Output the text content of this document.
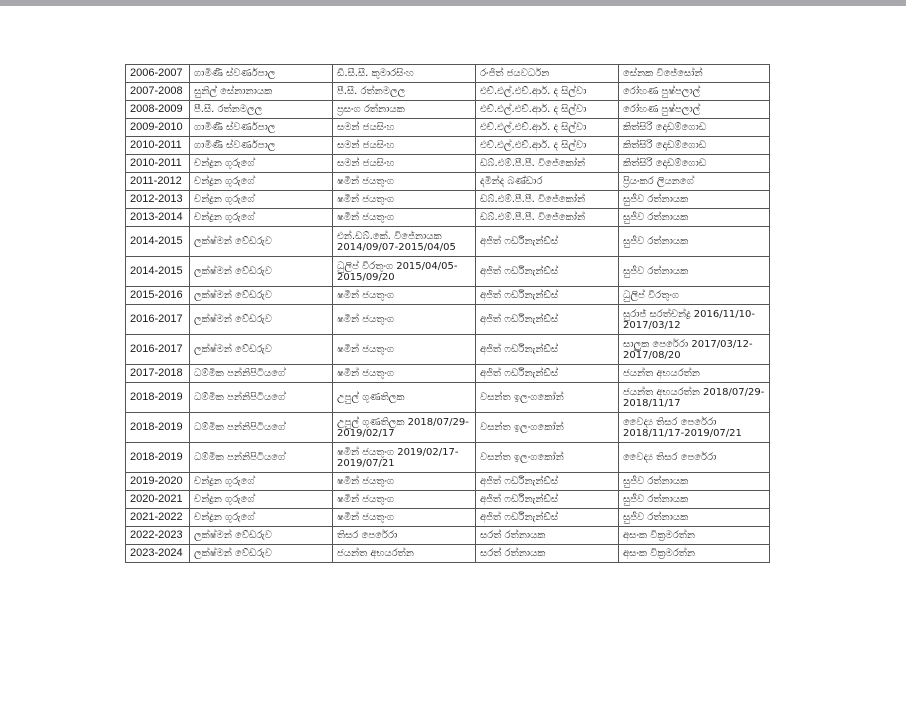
2006-2007	ගාමිණී ස්වර්ණපාල	ඩී.සී.සී. කුමාරසිංහ	රංජිත් ජයවර්ධන	සේනක විජේසෝන්
2007-2008	සුනිල් සේනානායක	පී.සී. රත්නමලල	එච්.එල්.එච්.ආර්. ද සිල්වා	රෝහණ පුෂ්පලාල්
2008-2009	පී.සී. රත්නමලල	ප්‍රසංග රත්නායක	එච්.එල්.එච්.ආර්. ද සිල්වා	රෝහණ පුෂ්පලාල්
2009-2010	ගාමිණී ස්වර්ණපාල	සමන් ජයසිංහ	එච්.එල්.එච්.ආර්. ද සිල්වා	කිත්සිරි දොඩම්ගොඩ
2010-2011	ගාමිණී ස්වර්ණපාල	සමන් ජයසිංහ	එච්.එල්.එච්.ආර්. ද සිල්වා	කිත්සිරි දොඩම්ගොඩ
2010-2011	චන්ද්‍රන ගුරුගේ	සමන් ජයසිංහ	ඩබ්.එම්.පී.පී. විජේකෝන්	කිත්සිරි දොඩම්ගොඩ
2011-2012	චන්ද්‍රන ගුරුගේ	ෂමීන් ජයතුංග	දමින්ද බණ්ඩාර	ප්‍රියංකර ලියනගේ
2012-2013	චන්ද්‍රන ගුරුගේ	ෂමීන් ජයතුංග	ඩබ්.එම්.පී.පී. විජේකෝන්	සුජීව රත්නායක
2013-2014	චන්ද්‍රන ගුරුගේ	ෂමීන් ජයතුංග	ඩබ්.එම්.පී.පී. විජේකෝන්	සුජීව රත්නායක
2014-2015	ලක්ෂ්මන් වේඩරුව	එන්.ඩබ්.කේ. විජේනායක 2014/09/07-2015/04/05	අජිත් ෆර්ඩිනැන්ඩ්ස්	සුජීව රත්නායක
2014-2015	ලක්ෂ්මන් වේඩරුව	ධුලිප් වීරතුංග 2015/04/05-2015/09/20	අජිත් ෆර්ඩිනැන්ඩ්ස්	සුජීව රත්නායක
2015-2016	ලක්ෂ්මන් වේඩරුව	ෂමීන් ජයතුංග	අජිත් ෆර්ඩිනැන්ඩ්ස්	ධුලිප් වීරතුංග
2016-2017	ලක්ෂ්මන් වේඩරුව	ෂමීන් ජයතුංග	අජිත් ෆර්ඩිනැන්ඩ්ස්	සුරාජ් සරත්චන්ද්‍ර 2016/11/10-2017/03/12
2016-2017	ලක්ෂ්මන් වේඩරුව	ෂමීන් ජයතුංග	අජිත් ෆර්ඩිනැන්ඩ්ස්	සාලුක පෙරේරා 2017/03/12-2017/08/20
2017-2018	ධම්මික පන්නිපිටියගේ	ෂමීන් ජයතුංග	අජිත් ෆර්ඩිනැන්ඩ්ස්	ජයන්ත අභයරත්න
2018-2019	ධම්මික පන්නිපිටියගේ	උපුල් ගුණතිලක	වසන්ත ඉලංගකෝන්	ජයන්ත අභයරත්න 2018/07/29-2018/11/17
2018-2019	ධම්මික පන්නිපිටියගේ	උපුල් ගුණතිලක 2018/07/29-2019/02/17	වසන්ත ඉලංගකෝන්	වෛද්‍ය තිසර පෙරේරා 2018/11/17-2019/07/21
2018-2019	ධම්මික පන්නිපිටියගේ	ෂමීන් ජයතුංග 2019/02/17-2019/07/21	වසන්ත ඉලංගකෝන්	වෛද්‍ය තිසර පෙරේරා
2019-2020	චන්ද්‍රන ගුරුගේ	ෂමීන් ජයතුංග	අජිත් ෆර්ඩිනැන්ඩ්ස්	සුජීව රත්නායක
2020-2021	චන්ද්‍රන ගුරුගේ	ෂමීන් ජයතුංග	අජිත් ෆර්ඩිනැන්ඩ්ස්	සුජීව රත්නායක
2021-2022	චන්ද්‍රන ගුරුගේ	ෂමීන් ජයතුංග	අජිත් ෆර්ඩිනැන්ඩ්ස්	සුජීව රත්නායක
2022-2023	ලක්ෂ්මන් වේඩරුව	තිසර පෙරේරා	සරත් රත්නායක	අසංක වික්‍රමරත්න
2023-2024	ලක්ෂ්මන් වේඩරුව	ජයන්ත අභයරත්න	සරත් රත්නායක	අසංක වික්‍රමරත්න
